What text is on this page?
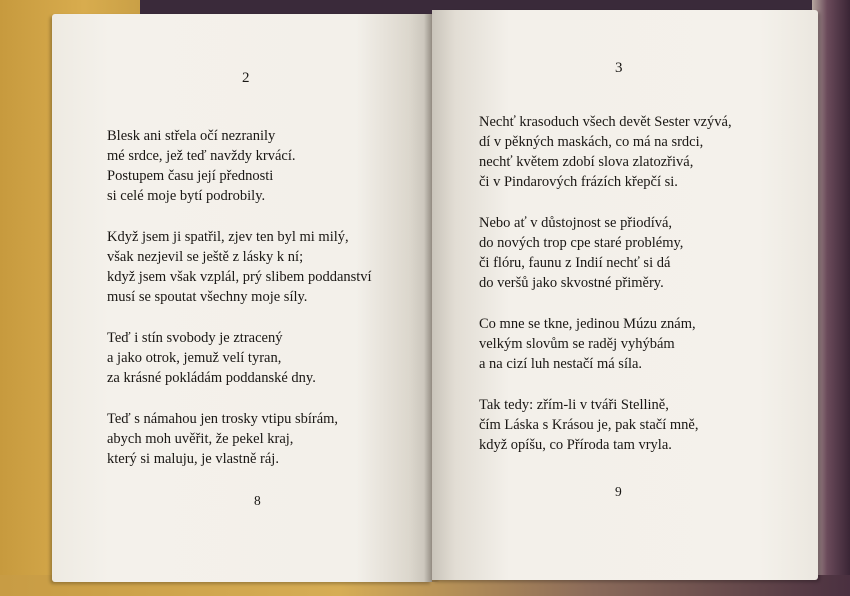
2
Blesk ani střela očí nezranily
mé srdce, jež teď navždy krvácí.
Postupem času její přednosti
si celé moje bytí podrobily.
Když jsem ji spatřil, zjev ten byl mi milý,
však nezjevil se ještě z lásky k ní;
když jsem však vzplál, prý slibem poddanství
musí se spoutat všechny moje síly.
Teď i stín svobody je ztracený
a jako otrok, jemuž velí tyran,
za krásné pokládám poddanské dny.
Teď s námahou jen trosky vtipu sbírám,
abych moh uvěřit, že pekel kraj,
který si maluju, je vlastně ráj.
8
3
Nechť krasoduch všech devět Sester vzývá,
dí v pěkných maskách, co má na srdci,
nechť květem zdobí slova zlatozřivá,
či v Pindarových frázích křepčí si.
Nebo ať v důstojnost se přiodívá,
do nových trop cpe staré problémy,
či flóru, faunu z Indií nechť si dá
do veršů jako skvostné přiměry.
Co mne se tkne, jedinou Múzu znám,
velkým slovům se raděj vyhýbám
a na cizí luh nestačí má síla.
Tak tedy: zřím-li v tváři Stellině,
čím Láska s Krásou je, pak stačí mně,
když opíšu, co Příroda tam vryla.
9
